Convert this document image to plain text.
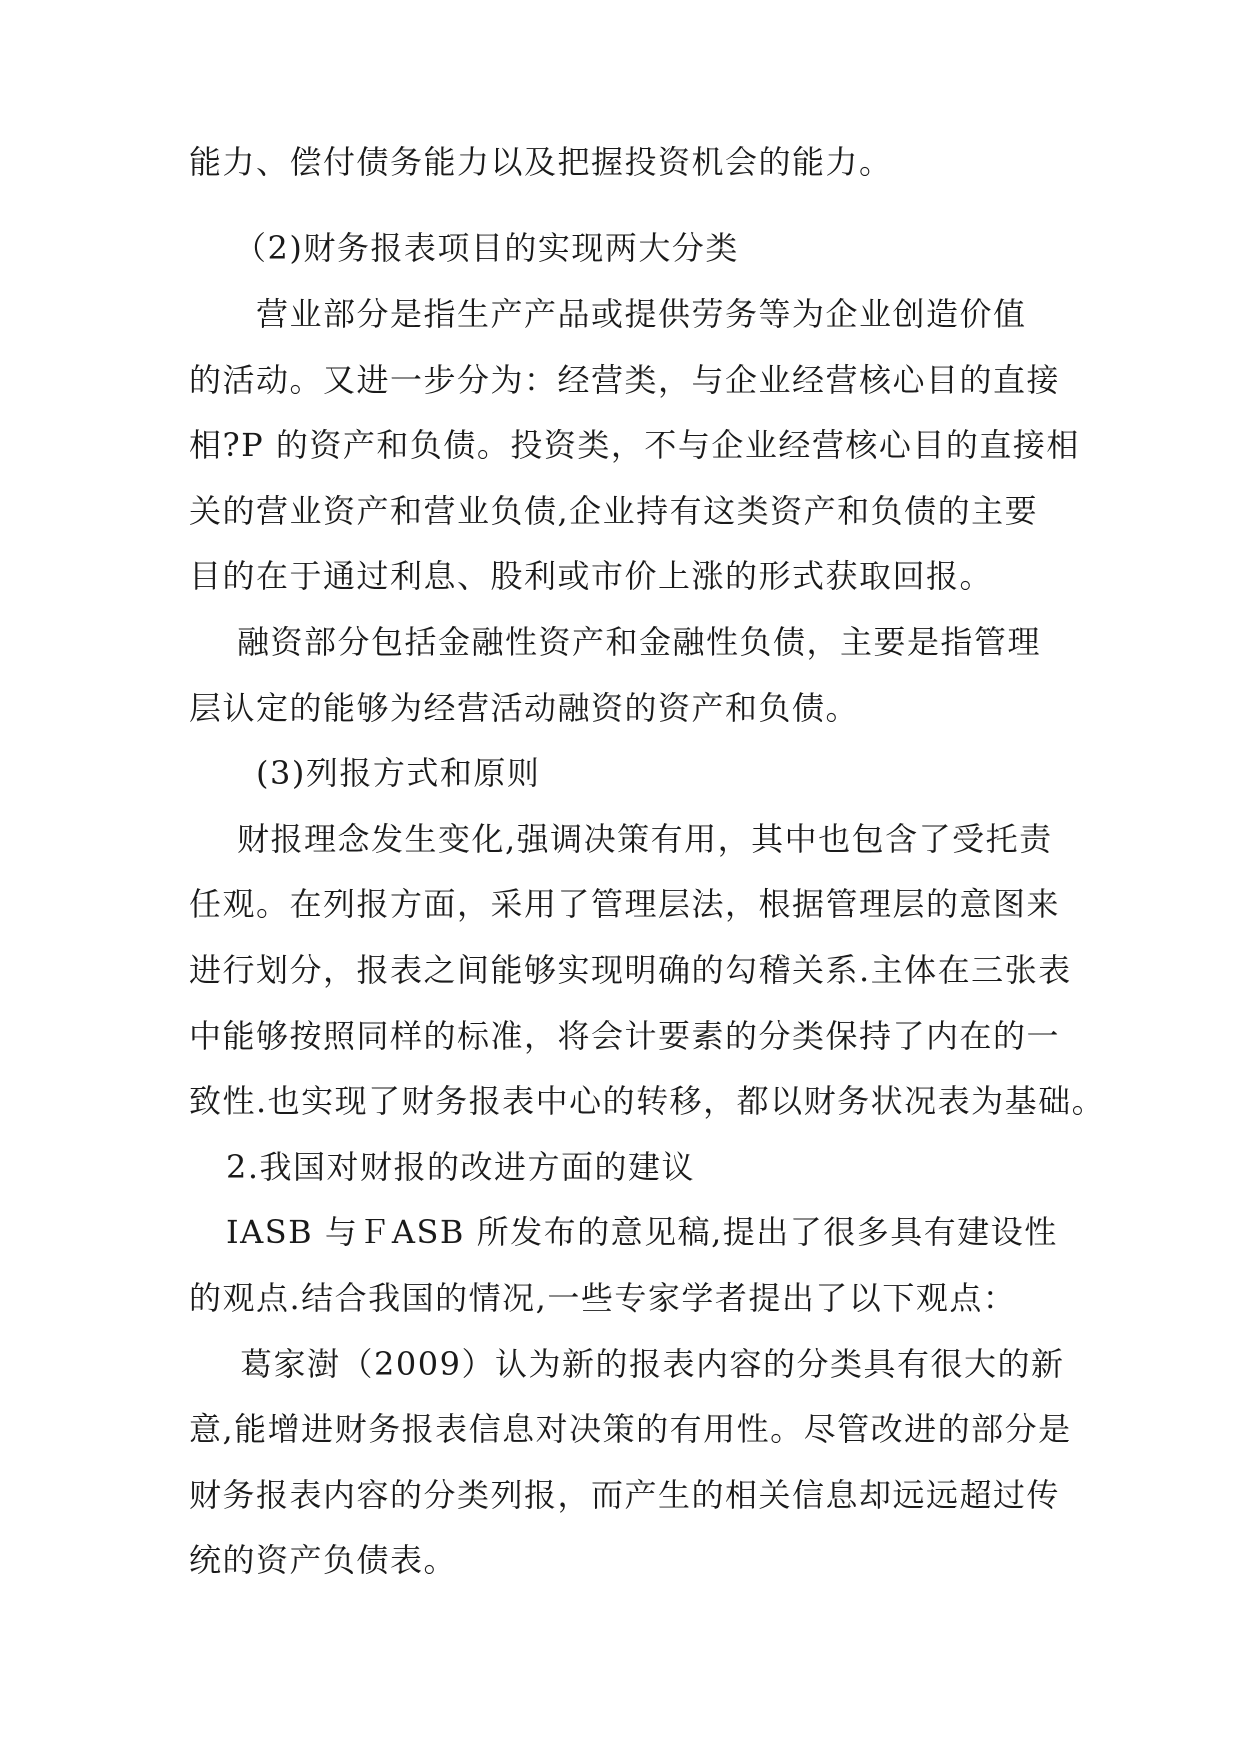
能力、偿付债务能力以及把握投资机会的能力。
（2)财务报表项目的实现两大分类
营业部分是指生产产品或提供劳务等为企业创造价值
的活动。又进一步分为：经营类，与企业经营核心目的直接
相?P 的资产和负债。投资类，不与企业经营核心目的直接相
关的营业资产和营业负债,企业持有这类资产和负债的主要
目的在于通过利息、股利或市价上涨的形式获取回报。
融资部分包括金融性资产和金融性负债，主要是指管理
层认定的能够为经营活动融资的资产和负债。
(3)列报方式和原则
财报理念发生变化,强调决策有用，其中也包含了受托责
任观。在列报方面，采用了管理层法，根据管理层的意图来
进行划分，报表之间能够实现明确的勾稽关系.主体在三张表
中能够按照同样的标准，将会计要素的分类保持了内在的一
致性.也实现了财务报表中心的转移，都以财务状况表为基础。
2.我国对财报的改进方面的建议
IASB 与ＦASB 所发布的意见稿,提出了很多具有建设性
的观点.结合我国的情况,一些专家学者提出了以下观点：
葛家澍（2009）认为新的报表内容的分类具有很大的新
意,能增进财务报表信息对决策的有用性。尽管改进的部分是
财务报表内容的分类列报，而产生的相关信息却远远超过传
统的资产负债表。
